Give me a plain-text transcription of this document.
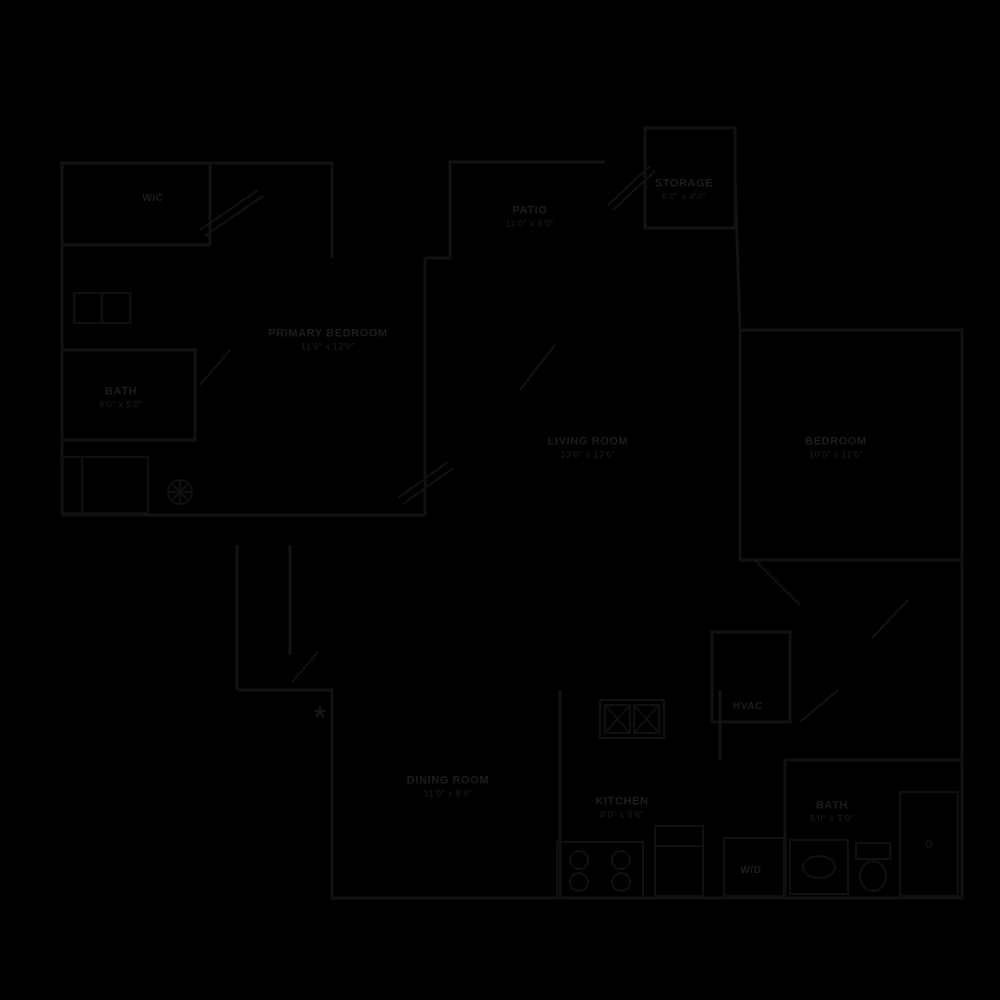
WIC
PATIO
11'0" x 6'0"
STORAGE
6'0" x 4'0"
PRIMARY BEDROOM
11'6" x 12'0"
BATH
8'0" x 5'0"
LIVING ROOM
13'0" x 12'6"
BEDROOM
10'0" x 11'6"
DINING ROOM
11'0" x 8'6"
KITCHEN
8'0" x 9'6"
BATH
8'0" x 5'0"
HVAC
W/D
*
